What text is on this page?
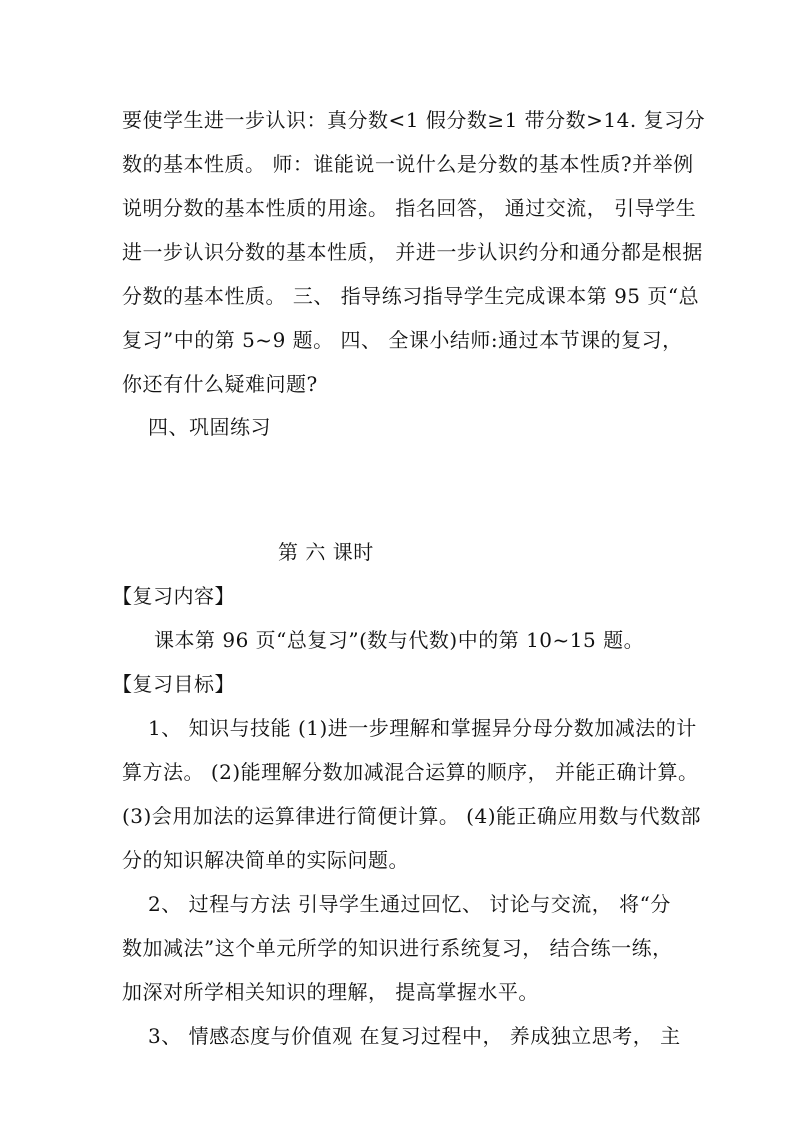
要使学生进一步认识：真分数<1 假分数≥1 带分数>14. 复习分
数的基本性质。 师：谁能说一说什么是分数的基本性质?并举例
说明分数的基本性质的用途。 指名回答， 通过交流， 引导学生
进一步认识分数的基本性质， 并进一步认识约分和通分都是根据
分数的基本性质。 三、 指导练习指导学生完成课本第 95 页“总
复习”中的第 5~9 题。 四、 全课小结师:通过本节课的复习，
你还有什么疑难问题?
四、巩固练习
第 六 课时
【复习内容】
课本第 96 页“总复习”(数与代数)中的第 10~15 题。
【复习目标】
1、 知识与技能 (1)进一步理解和掌握异分母分数加减法的计
算方法。 (2)能理解分数加减混合运算的顺序， 并能正确计算。
(3)会用加法的运算律进行简便计算。 (4)能正确应用数与代数部
分的知识解决简单的实际问题。
2、 过程与方法 引导学生通过回忆、 讨论与交流， 将“分
数加减法”这个单元所学的知识进行系统复习， 结合练一练，
加深对所学相关知识的理解， 提高掌握水平。
3、 情感态度与价值观 在复习过程中， 养成独立思考， 主
